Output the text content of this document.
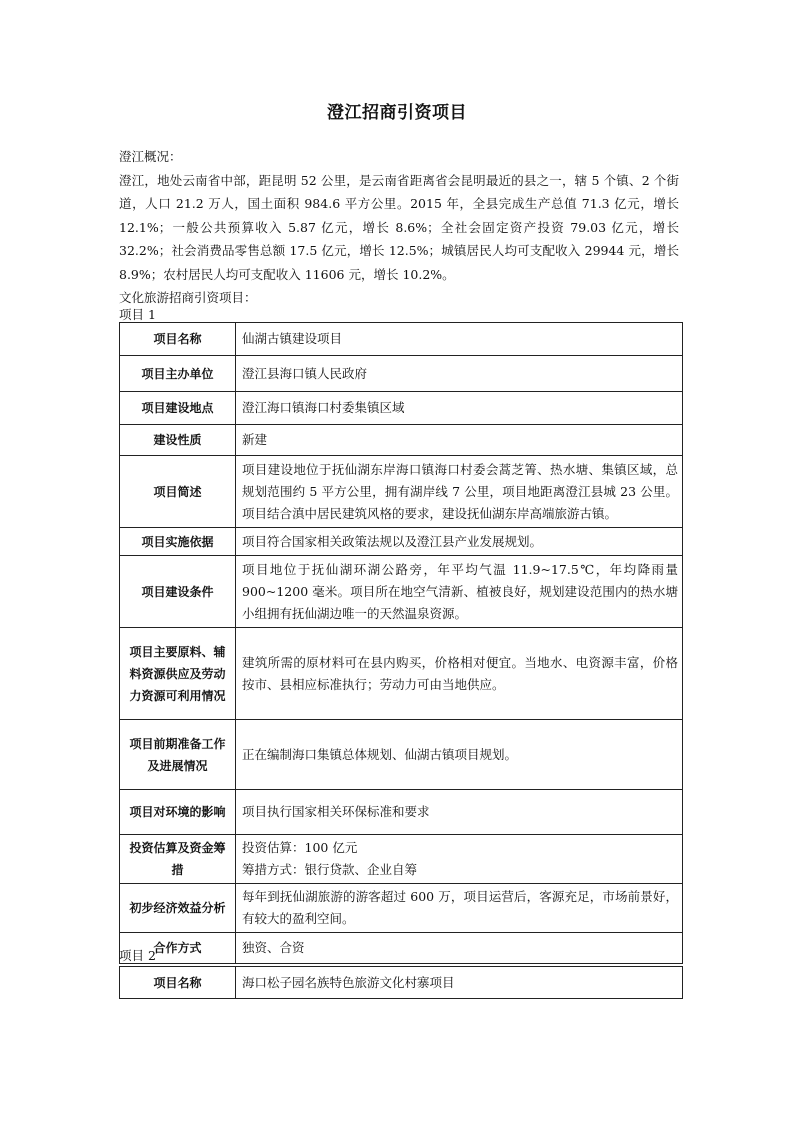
澄江招商引资项目

澄江概况：

澄江，地处云南省中部，距昆明 52 公里，是云南省距离省会昆明最近的县之一，辖 5 个镇、2 个街道，人口 21.2 万人，国土面积 984.6 平方公里。2015 年，全县完成生产总值 71.3 亿元，增长 12.1%；一般公共预算收入 5.87 亿元，增长 8.6%；全社会固定资产投资 79.03 亿元，增长 32.2%；社会消费品零售总额 17.5 亿元，增长 12.5%；城镇居民人均可支配收入 29944 元，增长 8.9%；农村居民人均可支配收入 11606 元，增长 10.2%。

文化旅游招商引资项目：

项目 1
项目名称	仙湖古镇建设项目
项目主办单位	澄江县海口镇人民政府
项目建设地点	澄江海口镇海口村委集镇区域
建设性质	新建
项目简述	项目建设地位于抚仙湖东岸海口镇海口村委会蒿芝箐、热水塘、集镇区域，总规划范围约 5 平方公里，拥有湖岸线 7 公里，项目地距离澄江县城 23 公里。项目结合滇中居民建筑风格的要求，建设抚仙湖东岸高端旅游古镇。
项目实施依据	项目符合国家相关政策法规以及澄江县产业发展规划。
项目建设条件	项目地位于抚仙湖环湖公路旁，年平均气温 11.9~17.5℃，年均降雨量 900~1200 毫米。项目所在地空气清新、植被良好，规划建设范围内的热水塘小组拥有抚仙湖边唯一的天然温泉资源。
项目主要原料、辅料资源供应及劳动力资源可利用情况	建筑所需的原材料可在县内购买，价格相对便宜。当地水、电资源丰富，价格按市、县相应标准执行；劳动力可由当地供应。
项目前期准备工作及进展情况	正在编制海口集镇总体规划、仙湖古镇项目规划。
项目对环境的影响	项目执行国家相关环保标准和要求
投资估算及资金筹措	投资估算：100 亿元
筹措方式：银行贷款、企业自筹

初步经济效益分析	每年到抚仙湖旅游的游客超过 600 万，项目运营后，客源充足，市场前景好，有较大的盈利空间。
合作方式	独资、合资
项目 2
项目名称	海口松子园名族特色旅游文化村寨项目
